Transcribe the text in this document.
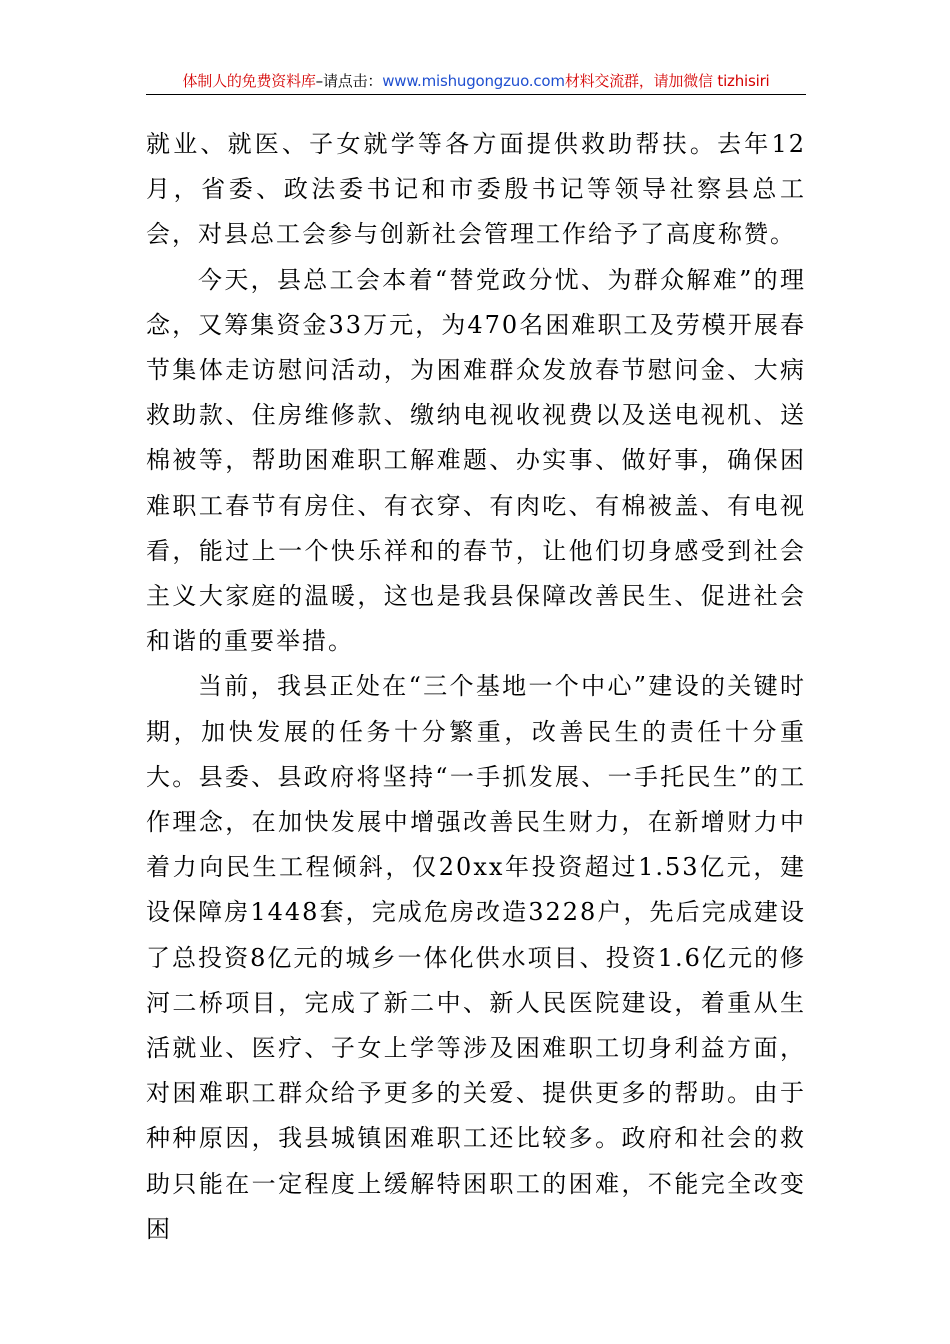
体制人的免费资料库–请点击：www.mishugongzuo.com材料交流群，请加微信 tizhisiri

就业、就医、子女就学等各方面提供救助帮扶。去年12月，省委、政法委书记和市委殷书记等领导社察县总工会，对县总工会参与创新社会管理工作给予了高度称赞。

今天，县总工会本着“替党政分忧、为群众解难”的理念，又筹集资金33万元，为470名困难职工及劳模开展春节集体走访慰问活动，为困难群众发放春节慰问金、大病救助款、住房维修款、缴纳电视收视费以及送电视机、送棉被等，帮助困难职工解难题、办实事、做好事，确保困难职工春节有房住、有衣穿、有肉吃、有棉被盖、有电视看，能过上一个快乐祥和的春节，让他们切身感受到社会主义大家庭的温暖，这也是我县保障改善民生、促进社会和谐的重要举措。

当前，我县正处在“三个基地一个中心”建设的关键时期，加快发展的任务十分繁重，改善民生的责任十分重大。县委、县政府将坚持“一手抓发展、一手托民生”的工作理念，在加快发展中增强改善民生财力，在新增财力中着力向民生工程倾斜，仅20xx年投资超过1.53亿元，建设保障房1448套，完成危房改造3228户，先后完成建设了总投资8亿元的城乡一体化供水项目、投资1.6亿元的修河二桥项目，完成了新二中、新人民医院建设，着重从生活就业、医疗、子女上学等涉及困难职工切身利益方面，对困难职工群众给予更多的关爱、提供更多的帮助。由于种种原因，我县城镇困难职工还比较多。政府和社会的救助只能在一定程度上缓解特困职工的困难，不能完全改变困
